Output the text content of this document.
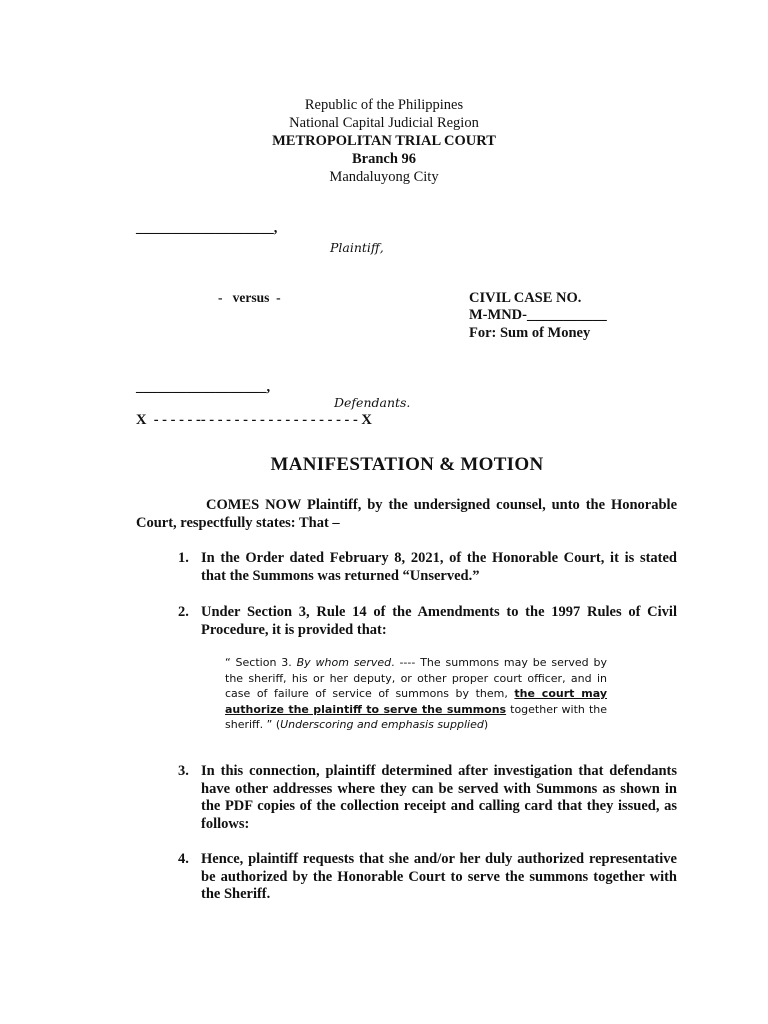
Republic of the Philippines
National Capital Judicial Region
METROPOLITAN TRIAL COURT
Branch 96
Mandaluyong City
___________________,
Plaintiff,
-   versus  -	CIVIL CASE NO.
M-MND-___________
For: Sum of Money
__________________,
Defendants.
X  - - - - - -- - - - - - - - - - - - - - - - - - - X
MANIFESTATION & MOTION
COMES NOW Plaintiff, by the undersigned counsel, unto the Honorable Court, respectfully states: That –
1. In the Order dated February 8, 2021, of the Honorable Court, it is stated that the Summons was returned “Unserved.”
2. Under Section 3, Rule 14 of the Amendments to the 1997 Rules of Civil Procedure, it is provided that:
“ Section 3. By whom served. ---- The summons may be served by the sheriff, his or her deputy, or other proper court officer, and in case of failure of service of summons by them, the court may authorize the plaintiff to serve the summons together with the sheriff. ” (Underscoring and emphasis supplied)
3. In this connection, plaintiff determined after investigation that defendants have other addresses where they can be served with Summons as shown in the PDF copies of the collection receipt and calling card that they issued, as follows:
4. Hence, plaintiff requests that she and/or her duly authorized representative be authorized by the Honorable Court to serve the summons together with the Sheriff.
